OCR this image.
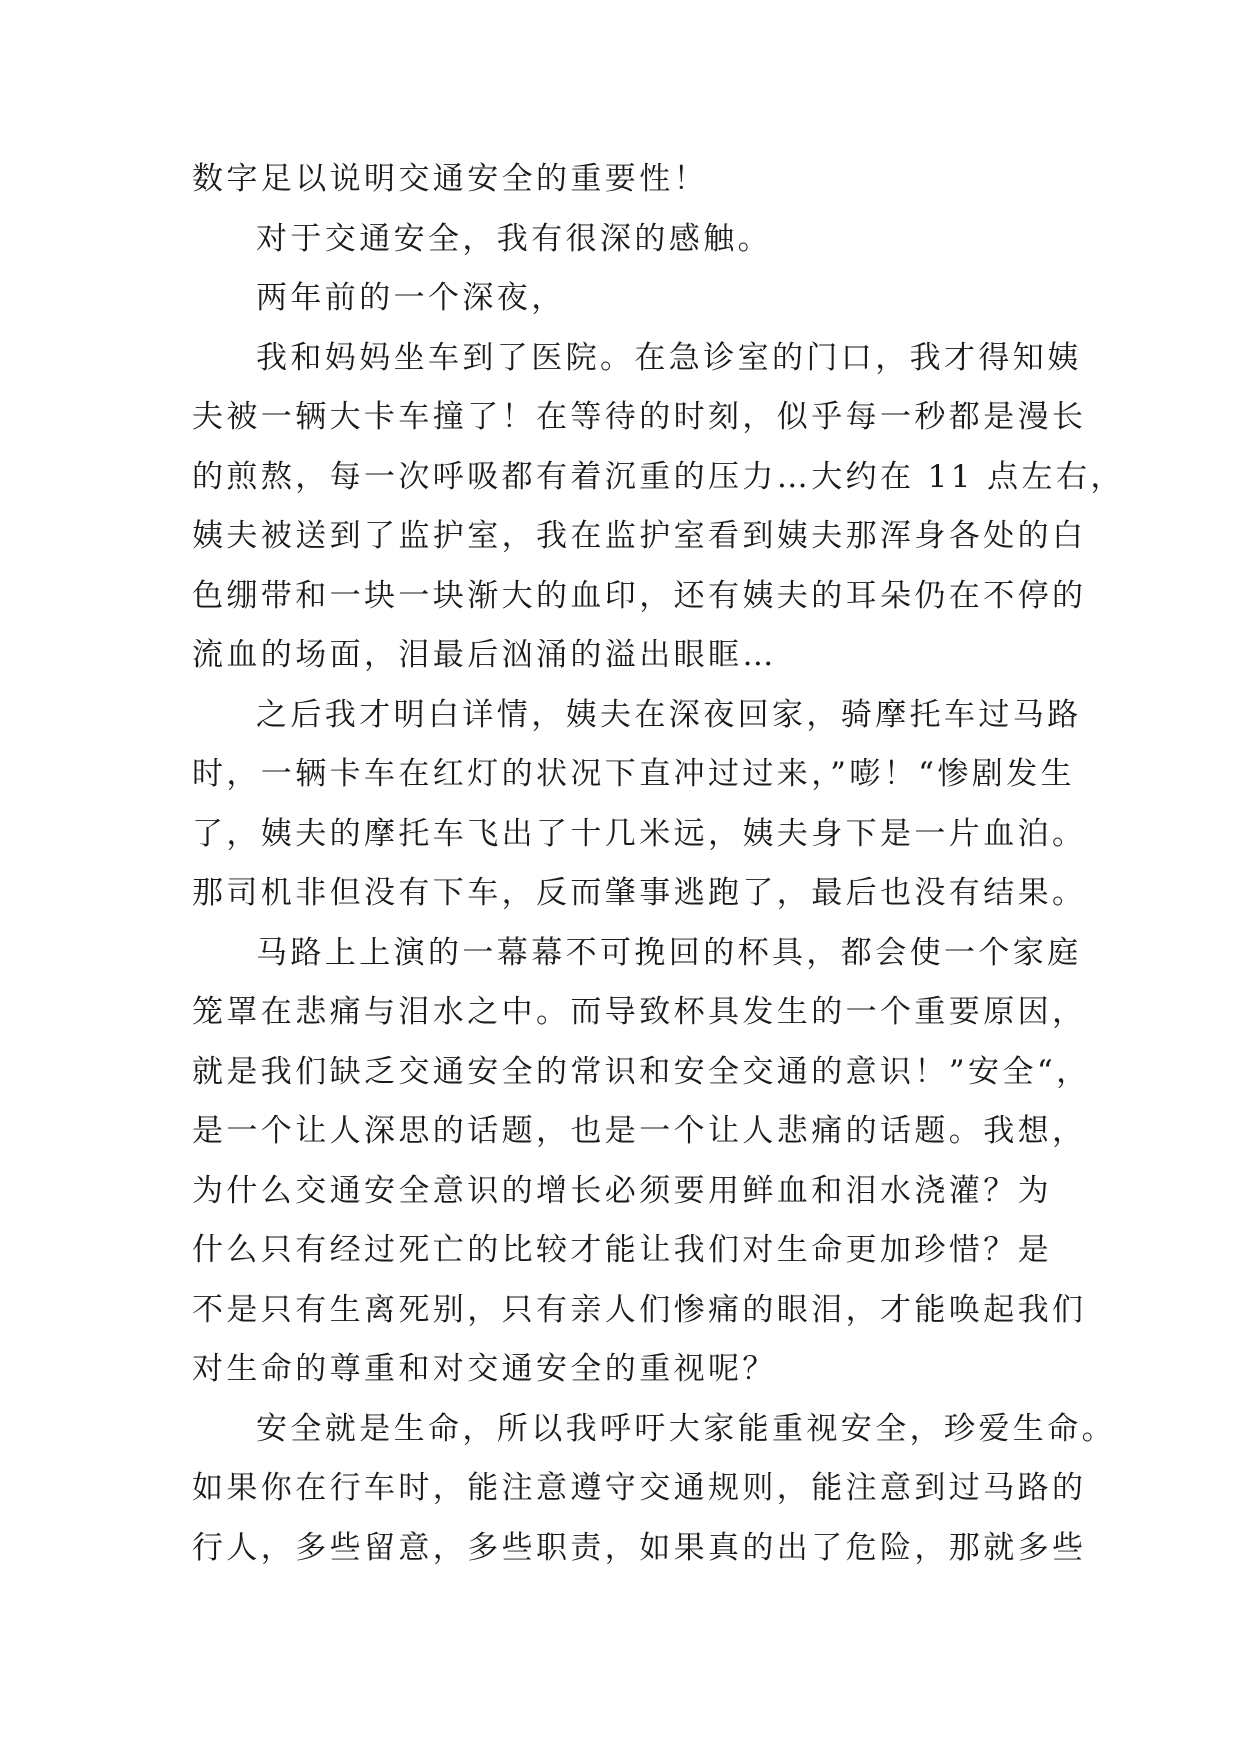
数字足以说明交通安全的重要性！
对于交通安全，我有很深的感触。
两年前的一个深夜，
我和妈妈坐车到了医院。在急诊室的门口，我才得知姨
夫被一辆大卡车撞了！在等待的时刻，似乎每一秒都是漫长
的煎熬，每一次呼吸都有着沉重的压力…大约在 11 点左右，
姨夫被送到了监护室，我在监护室看到姨夫那浑身各处的白
色绷带和一块一块渐大的血印，还有姨夫的耳朵仍在不停的
流血的场面，泪最后汹涌的溢出眼眶…
之后我才明白详情，姨夫在深夜回家，骑摩托车过马路
时，一辆卡车在红灯的状况下直冲过过来，”嘭！“惨剧发生
了，姨夫的摩托车飞出了十几米远，姨夫身下是一片血泊。
那司机非但没有下车，反而肇事逃跑了，最后也没有结果。
马路上上演的一幕幕不可挽回的杯具，都会使一个家庭
笼罩在悲痛与泪水之中。而导致杯具发生的一个重要原因，
就是我们缺乏交通安全的常识和安全交通的意识！”安全“，
是一个让人深思的话题，也是一个让人悲痛的话题。我想，
为什么交通安全意识的增长必须要用鲜血和泪水浇灌？为
什么只有经过死亡的比较才能让我们对生命更加珍惜？是
不是只有生离死别，只有亲人们惨痛的眼泪，才能唤起我们
对生命的尊重和对交通安全的重视呢？
安全就是生命，所以我呼吁大家能重视安全，珍爱生命。
如果你在行车时，能注意遵守交通规则，能注意到过马路的
行人，多些留意，多些职责，如果真的出了危险，那就多些
